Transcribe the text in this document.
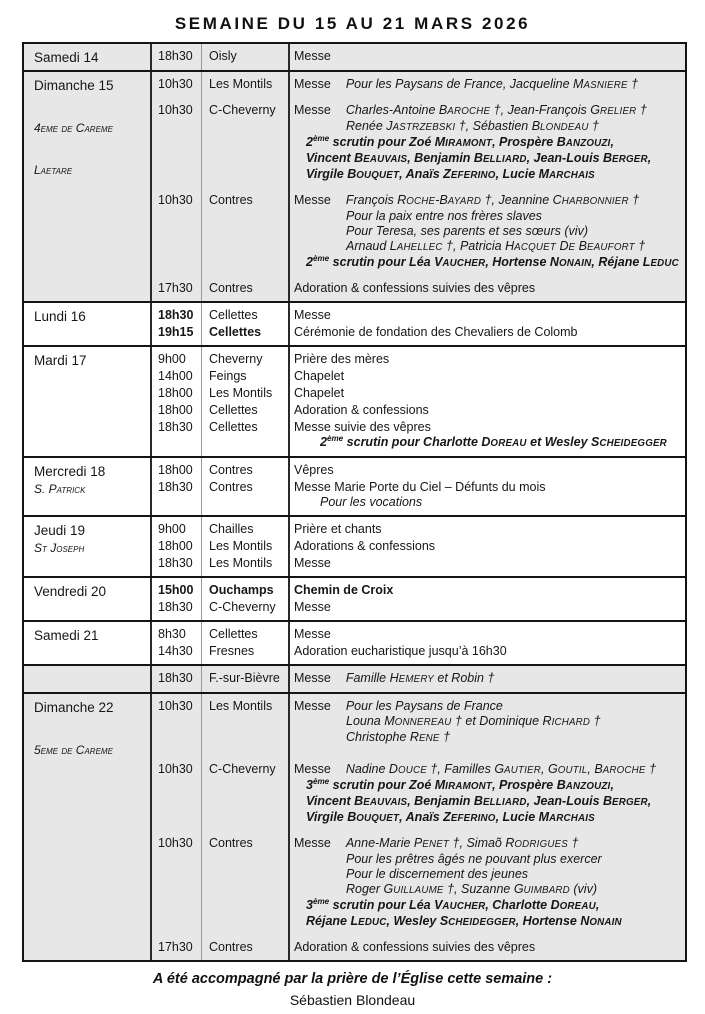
SEMAINE DU 15 AU 21 MARS 2026
Samedi 14	18h30	Oisly	Messe
Dimanche 15
4eme de Careme
Laetare
10h30	Les Montils	Messe Pour les Paysans de France, Jacqueline MASNIERE †
10h30	C-Cheverny	Messe Charles-Antoine BAROCHE †, Jean-François GRELIER †
Renée JASTRZEBSKI †, Sébastien BLONDEAU †
2ème scrutin pour Zoé MIRAMONT, Prospère BANZOUZI,
Vincent BEAUVAIS, Benjamin BELLIARD, Jean-Louis BERGER,
Virgile BOUQUET, Anaïs ZEFERINO, Lucie MARCHAIS
10h30	Contres	Messe François ROCHE-BAYARD †, Jeannine CHARBONNIER †
Pour la paix entre nos frères slaves
Pour Teresa, ses parents et ses sœurs (viv)
Arnaud LAHELLEC †, Patricia HACQUET DE BEAUFORT †
2ème scrutin pour Léa VAUCHER, Hortense NONAIN, Réjane LEDUC
17h30	Contres	Adoration & confessions suivies des vêpres
Lundi 16	18h30	Cellettes	Messe
19h15	Cellettes	Cérémonie de fondation des Chevaliers de Colomb
Mardi 17	9h00	Cheverny	Prière des mères
14h00	Feings	Chapelet
18h00	Les Montils	Chapelet
18h00	Cellettes	Adoration & confessions
18h30	Cellettes	Messe suivie des vêpres
2ème scrutin pour Charlotte DOREAU et Wesley SCHEIDEGGER
Mercredi 18
S. Patrick
18h00	Contres	Vêpres
18h30	Contres	Messe Marie Porte du Ciel – Défunts du mois
Pour les vocations
Jeudi 19
St Joseph
9h00	Chailles	Prière et chants
18h00	Les Montils	Adorations & confessions
18h30	Les Montils	Messe
Vendredi 20	15h00	Ouchamps	Chemin de Croix
18h30	C-Cheverny	Messe
Samedi 21	8h30	Cellettes	Messe
14h30	Fresnes	Adoration eucharistique jusqu’à 16h30
18h30	F.-sur-Bièvre	Messe Famille HEMERY et Robin †
Dimanche 22
5eme de Careme
10h30	Les Montils	Messe Pour les Paysans de France
Louna MONNEREAU † et Dominique RICHARD †
Christophe RENE †
10h30	C-Cheverny	Messe Nadine DOUCE †, Familles GAUTIER, GOUTIL, BAROCHE †
3ème scrutin pour Zoé MIRAMONT, Prospère BANZOUZI,
Vincent BEAUVAIS, Benjamin BELLIARD, Jean-Louis BERGER,
Virgile BOUQUET, Anaïs ZEFERINO, Lucie MARCHAIS
10h30	Contres	Messe Anne-Marie PENET †, Simaõ RODRIGUES †
Pour les prêtres âgés ne pouvant plus exercer
Pour le discernement des jeunes
Roger GUILLAUME †, Suzanne GUIMBARD (viv)
3ème scrutin pour Léa VAUCHER, Charlotte DOREAU,
Réjane LEDUC, Wesley SCHEIDEGGER, Hortense NONAIN
17h30	Contres	Adoration & confessions suivies des vêpres
A été accompagné par la prière de l’Église cette semaine :
Sébastien Blondeau
